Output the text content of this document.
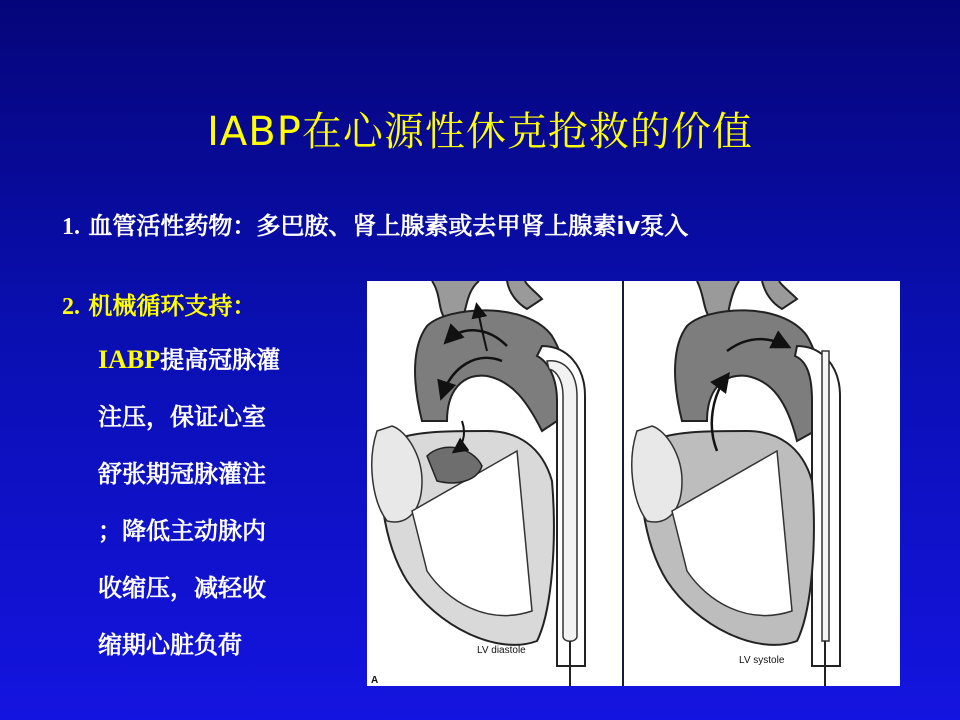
IABP在心源性休克抢救的价值
1. 血管活性药物：多巴胺、肾上腺素或去甲肾上腺素iv泵入
2. 机械循环支持：
IABP提高冠脉灌
注压，保证心室
舒张期冠脉灌注
；降低主动脉内
收缩压，减轻收
缩期心脏负荷	LV diastole
A
LV systole
